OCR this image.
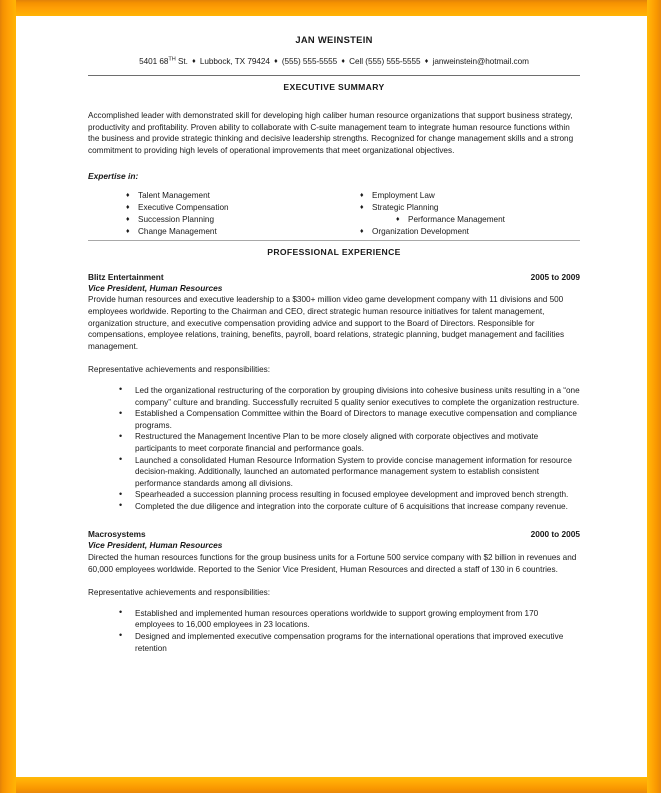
JAN WEINSTEIN
5401 68TH St. ♦ Lubbock, TX 79424 ♦ (555) 555-5555 ♦ Cell (555) 555-5555 ♦ janweinstein@hotmail.com
EXECUTIVE SUMMARY

Accomplished leader with demonstrated skill for developing high caliber human resource organizations that support business strategy, productivity and profitability. Proven ability to collaborate with C-suite management team to integrate human resource functions within the business and provide strategic thinking and decisive leadership strengths. Recognized for change management skills and a strong commitment to providing high levels of operational improvements that meet organizational objectives.

Expertise in:
♦ Talent Management
♦ Executive Compensation
♦ Succession Planning
♦ Change Management
♦ Employment Law
♦ Strategic Planning
♦ Performance Management
♦ Organization Development
PROFESSIONAL EXPERIENCE
Blitz Entertainment	2005 to 2009
Vice President, Human Resources

Provide human resources and executive leadership to a $300+ million video game development company with 11 divisions and 500 employees worldwide. Reporting to the Chairman and CEO, direct strategic human resource initiatives for talent management, organization structure, and executive compensation providing advice and support to the Board of Directors. Responsible for compensations, employee relations, training, benefits, payroll, board relations, strategic planning, budget management and facilities management.

Representative achievements and responsibilities:

• Led the organizational restructuring of the corporation by grouping divisions into cohesive business units resulting in a “one company” culture and branding. Successfully recruited 5 quality senior executives to complete the organization restructure.
• Established a Compensation Committee within the Board of Directors to manage executive compensation and compliance programs.
• Restructured the Management Incentive Plan to be more closely aligned with corporate objectives and motivate participants to meet corporate financial and performance goals.
• Launched a consolidated Human Resource Information System to provide concise management information for resource decision-making. Additionally, launched an automated performance management system to establish consistent performance standards among all divisions.
• Spearheaded a succession planning process resulting in focused employee development and improved bench strength.
• Completed the due diligence and integration into the corporate culture of 6 acquisitions that increase company revenue.
Macrosystems	2000 to 2005
Vice President, Human Resources

Directed the human resources functions for the group business units for a Fortune 500 service company with $2 billion in revenues and 60,000 employees worldwide. Reported to the Senior Vice President, Human Resources and directed a staff of 130 in 6 countries.

Representative achievements and responsibilities:

• Established and implemented human resources operations worldwide to support growing employment from 170 employees to 16,000 employees in 23 locations.
• Designed and implemented executive compensation programs for the international operations that improved executive retention
